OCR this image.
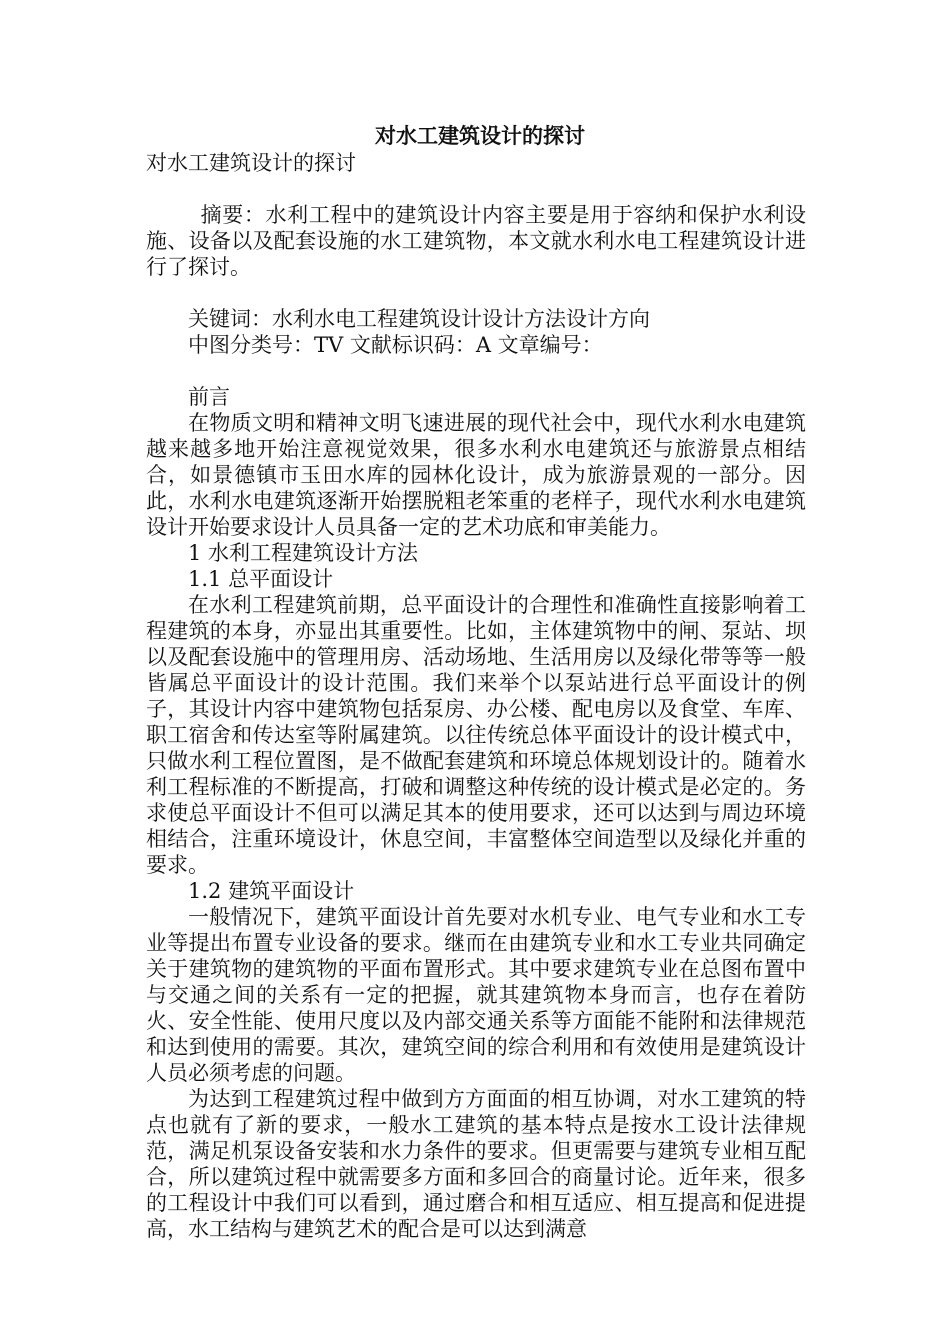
对水工建筑设计的探讨

对水工建筑设计的探讨

摘要：水利工程中的建筑设计内容主要是用于容纳和保护水利设施、设备以及配套设施的水工建筑物，本文就水利水电工程建筑设计进行了探讨。

关键词：水利水电工程建筑设计设计方法设计方向

中图分类号：TV 文献标识码：A 文章编号：

前言

在物质文明和精神文明飞速进展的现代社会中，现代水利水电建筑越来越多地开始注意视觉效果，很多水利水电建筑还与旅游景点相结合，如景德镇市玉田水库的园林化设计，成为旅游景观的一部分。因此，水利水电建筑逐渐开始摆脱粗老笨重的老样子，现代水利水电建筑设计开始要求设计人员具备一定的艺术功底和审美能力。

1 水利工程建筑设计方法

1.1 总平面设计

在水利工程建筑前期，总平面设计的合理性和准确性直接影响着工程建筑的本身，亦显出其重要性。比如，主体建筑物中的闸、泵站、坝以及配套设施中的管理用房、活动场地、生活用房以及绿化带等等一般皆属总平面设计的设计范围。我们来举个以泵站进行总平面设计的例子，其设计内容中建筑物包括泵房、办公楼、配电房以及食堂、车库、职工宿舍和传达室等附属建筑。以往传统总体平面设计的设计模式中，只做水利工程位置图，是不做配套建筑和环境总体规划设计的。随着水利工程标准的不断提高，打破和调整这种传统的设计模式是必定的。务求使总平面设计不但可以满足其本的使用要求，还可以达到与周边环境相结合，注重环境设计，休息空间，丰富整体空间造型以及绿化并重的要求。

1.2 建筑平面设计

一般情况下，建筑平面设计首先要对水机专业、电气专业和水工专业等提出布置专业设备的要求。继而在由建筑专业和水工专业共同确定关于建筑物的建筑物的平面布置形式。其中要求建筑专业在总图布置中与交通之间的关系有一定的把握，就其建筑物本身而言，也存在着防火、安全性能、使用尺度以及内部交通关系等方面能不能附和法律规范和达到使用的需要。其次，建筑空间的综合利用和有效使用是建筑设计人员必须考虑的问题。

为达到工程建筑过程中做到方方面面的相互协调，对水工建筑的特点也就有了新的要求，一般水工建筑的基本特点是按水工设计法律规范，满足机泵设备安装和水力条件的要求。但更需要与建筑专业相互配合，所以建筑过程中就需要多方面和多回合的商量讨论。近年来，很多的工程设计中我们可以看到，通过磨合和相互适应、相互提高和促进提高，水工结构与建筑艺术的配合是可以达到满意
